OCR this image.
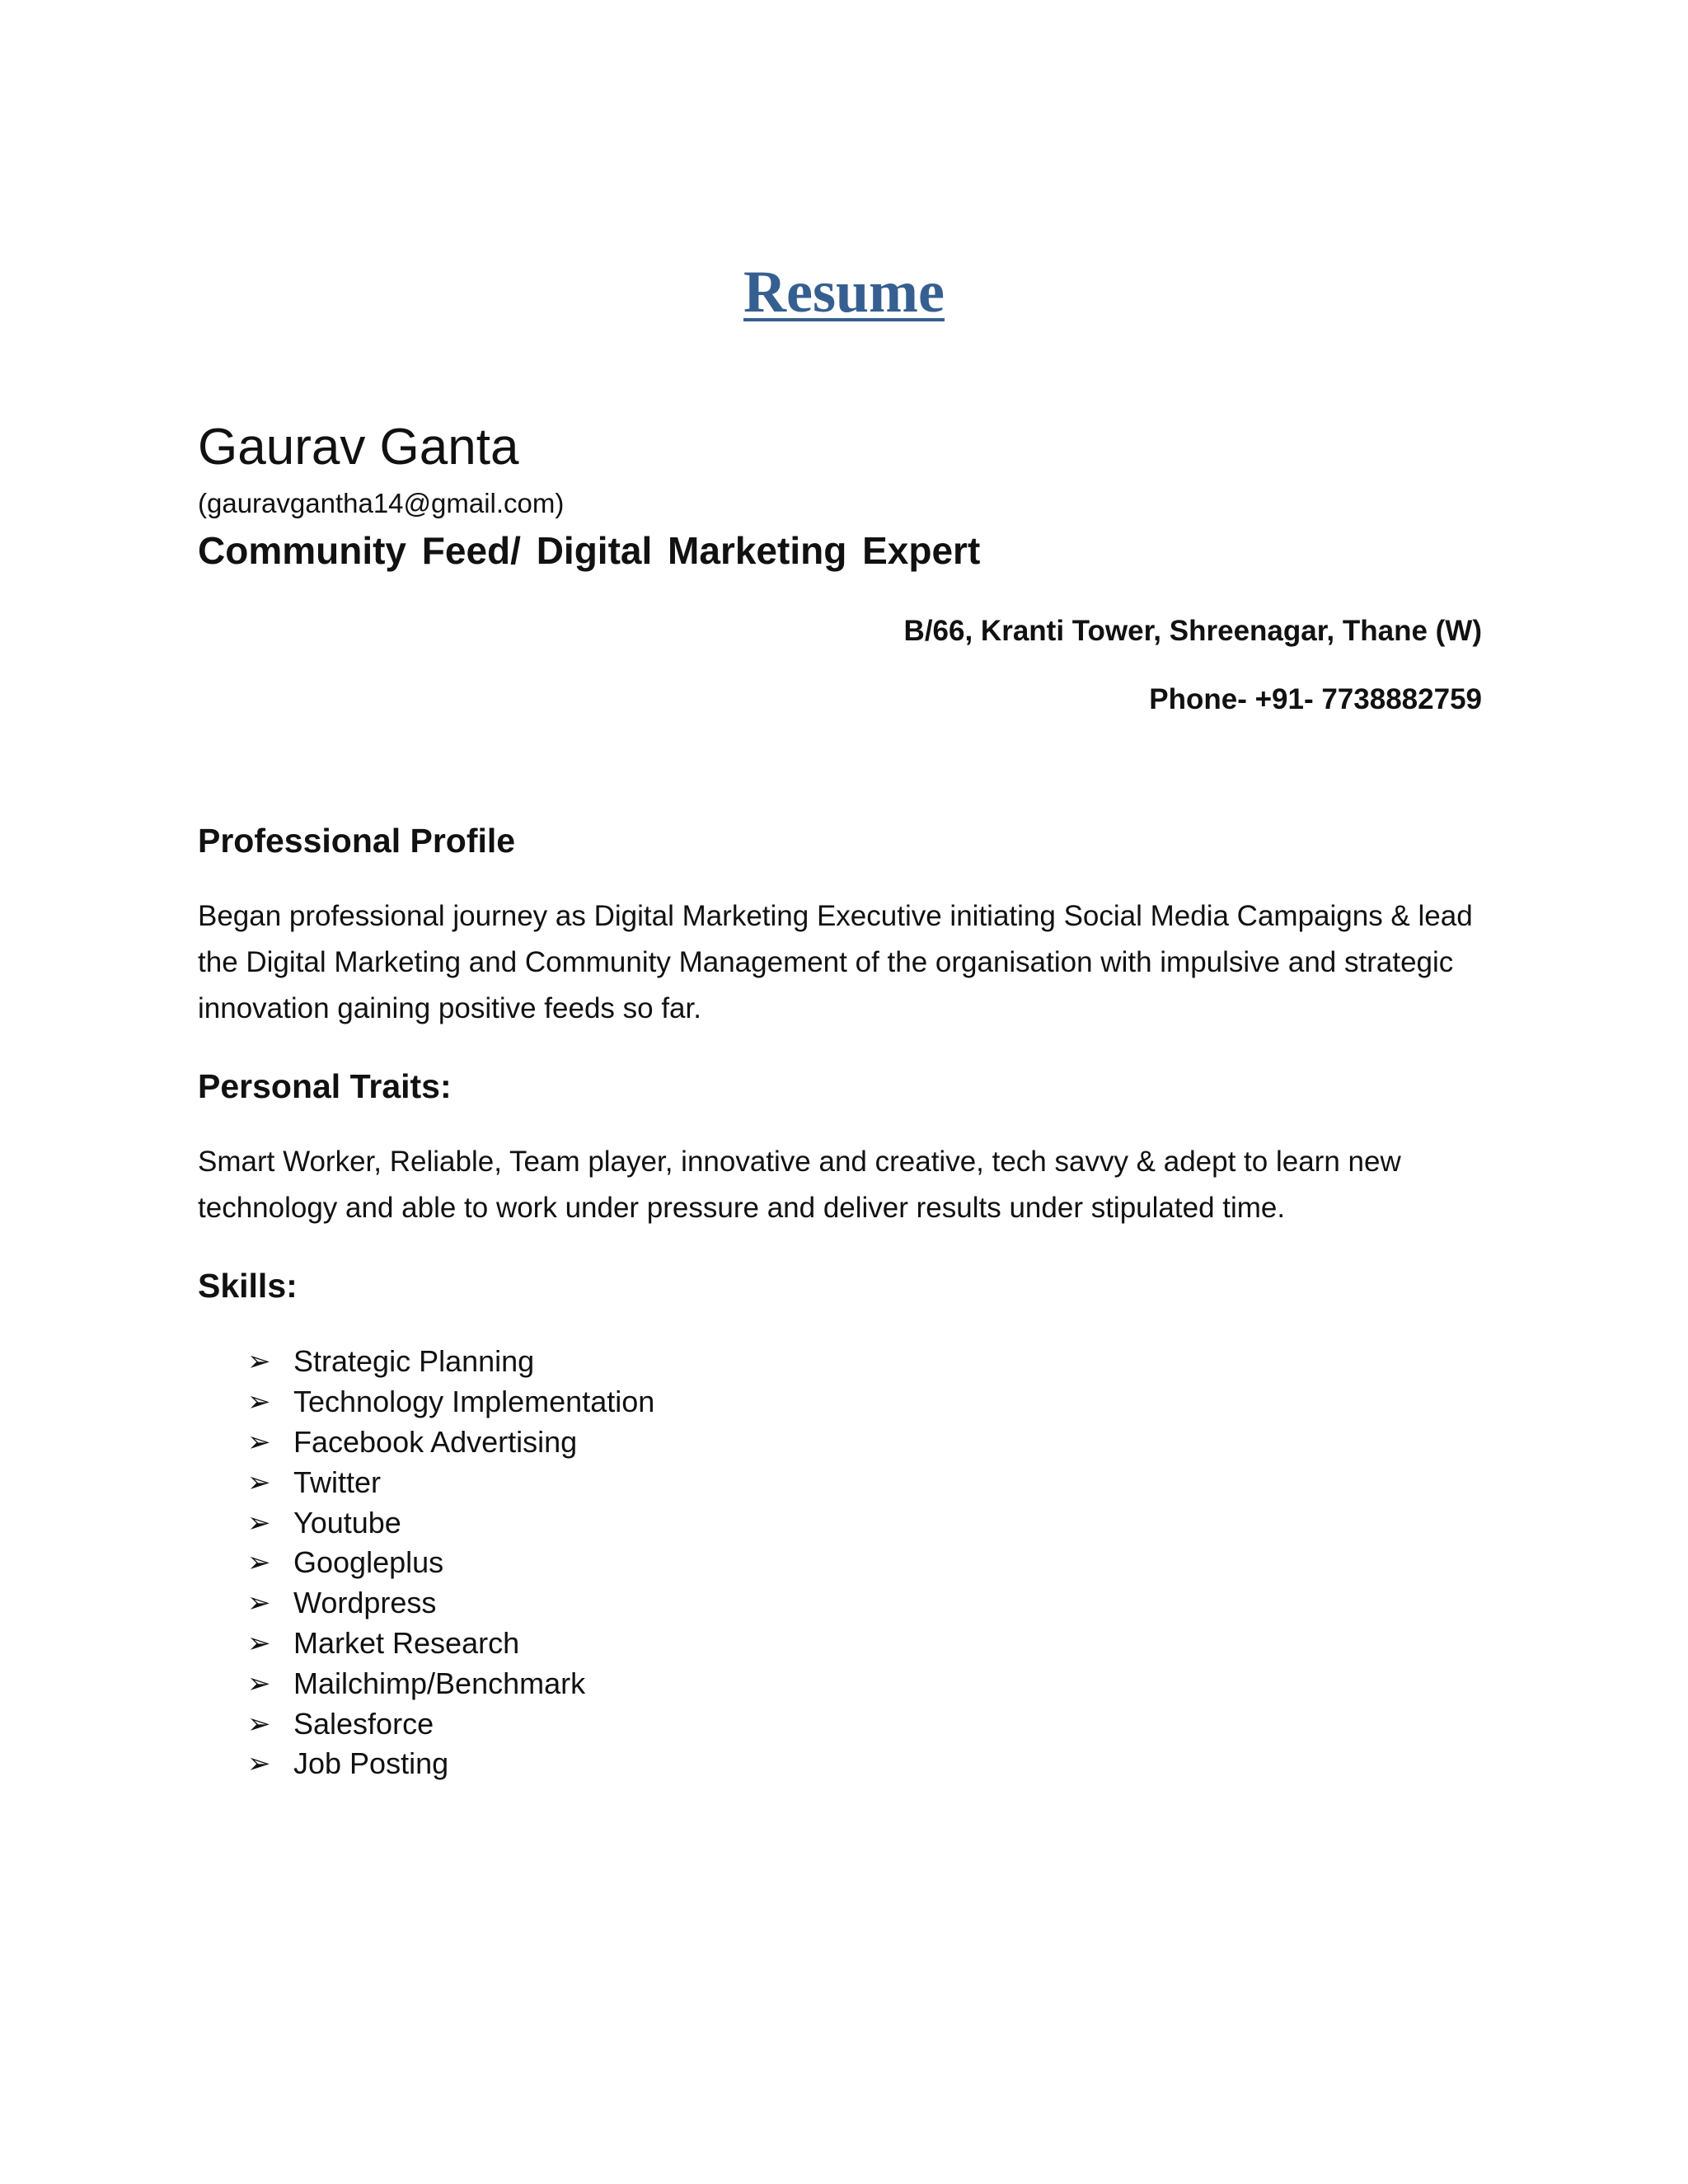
Resume
Gaurav Ganta
(gauravgantha14@gmail.com)
Community Feed/ Digital Marketing Expert
B/66, Kranti Tower, Shreenagar, Thane (W)
Phone- +91- 7738882759
Professional Profile
Began professional journey as Digital Marketing Executive initiating Social Media Campaigns & lead the Digital Marketing and Community Management of the organisation with impulsive and strategic innovation gaining positive feeds so far.
Personal Traits:
Smart Worker, Reliable, Team player, innovative and creative, tech savvy & adept to learn new technology and able to work under pressure and deliver results under stipulated time.
Skills:
➢ Strategic Planning
➢ Technology Implementation
➢ Facebook Advertising
➢ Twitter
➢ Youtube
➢ Googleplus
➢ Wordpress
➢ Market Research
➢ Mailchimp/Benchmark
➢ Salesforce
➢ Job Posting
